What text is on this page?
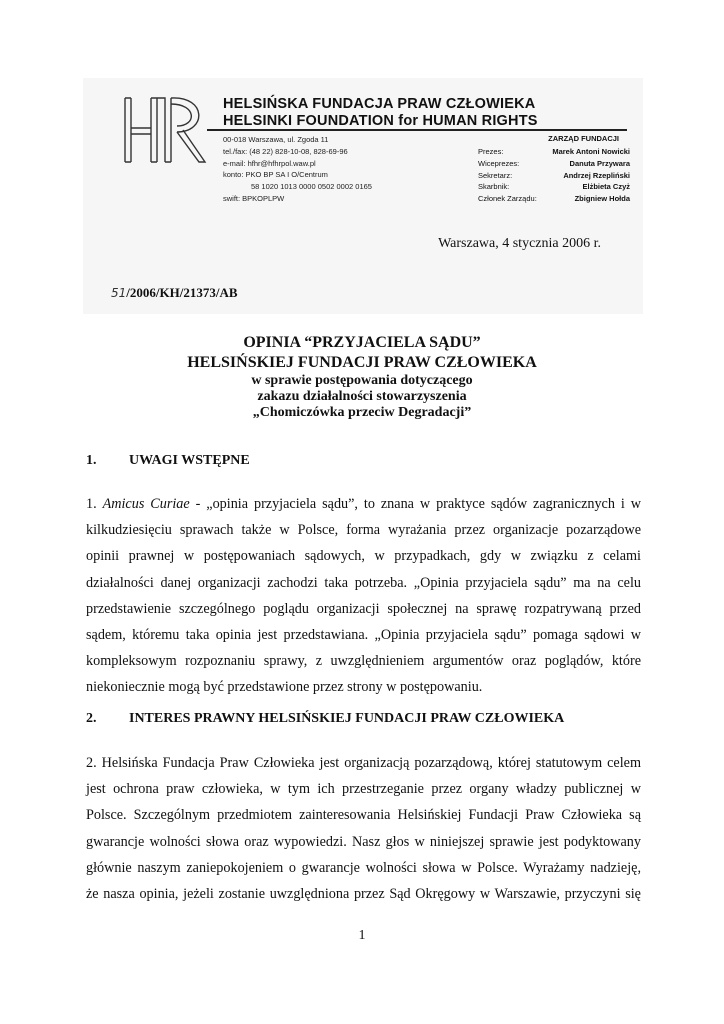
HELSIŃSKA FUNDACJA PRAW CZŁOWIEKA
HELSINKI FOUNDATION for HUMAN RIGHTS
00-018 Warszawa, ul. Zgoda 11
tel./fax: (48 22) 828-10-08, 828-69-96
e-mail: hfhr@hfhrpol.waw.pl
konto: PKO BP SA I O/Centrum
58 1020 1013 0000 0502 0002 0165
swift: BPKOPLPW
ZARZĄD FUNDACJI
Prezes:	Marek Antoni Nowicki
Wiceprezes:	Danuta Przywara
Sekretarz:	Andrzej Rzepliński
Skarbnik:	Elżbieta Czyż
Członek Zarządu:	Zbigniew Hołda
Warszawa, 4 stycznia 2006 r.
51/2006/KH/21373/AB
OPINIA “PRZYJACIELA SĄDU”
HELSIŃSKIEJ FUNDACJI PRAW CZŁOWIEKA
w sprawie postępowania dotyczącego
zakazu działalności stowarzyszenia
„Chomiczówka przeciw Degradacji”
1. UWAGI WSTĘPNE
1. Amicus Curiae - „opinia przyjaciela sądu”, to znana w praktyce sądów zagranicznych i w
kilkudziesięciu sprawach także w Polsce, forma wyrażania przez organizacje pozarządowe
opinii prawnej w postępowaniach sądowych, w przypadkach, gdy w związku z celami
działalności danej organizacji zachodzi taka potrzeba. „Opinia przyjaciela sądu” ma na celu
przedstawienie szczególnego poglądu organizacji społecznej na sprawę rozpatrywaną przed
sądem, któremu taka opinia jest przedstawiana. „Opinia przyjaciela sądu” pomaga sądowi w
kompleksowym rozpoznaniu sprawy, z uwzględnieniem argumentów oraz poglądów, które
niekoniecznie mogą być przedstawione przez strony w postępowaniu.
2. INTERES PRAWNY HELSIŃSKIEJ FUNDACJI PRAW CZŁOWIEKA
2. Helsińska Fundacja Praw Człowieka jest organizacją pozarządową, której statutowym celem
jest ochrona praw człowieka, w tym ich przestrzeganie przez organy władzy publicznej w
Polsce. Szczególnym przedmiotem zainteresowania Helsińskiej Fundacji Praw Człowieka są
gwarancje wolności słowa oraz wypowiedzi. Nasz głos w niniejszej sprawie jest podyktowany
głównie naszym zaniepokojeniem o gwarancje wolności słowa w Polsce. Wyrażamy nadzieję,
że nasza opinia, jeżeli zostanie uwzględniona przez Sąd Okręgowy w Warszawie, przyczyni się
1
